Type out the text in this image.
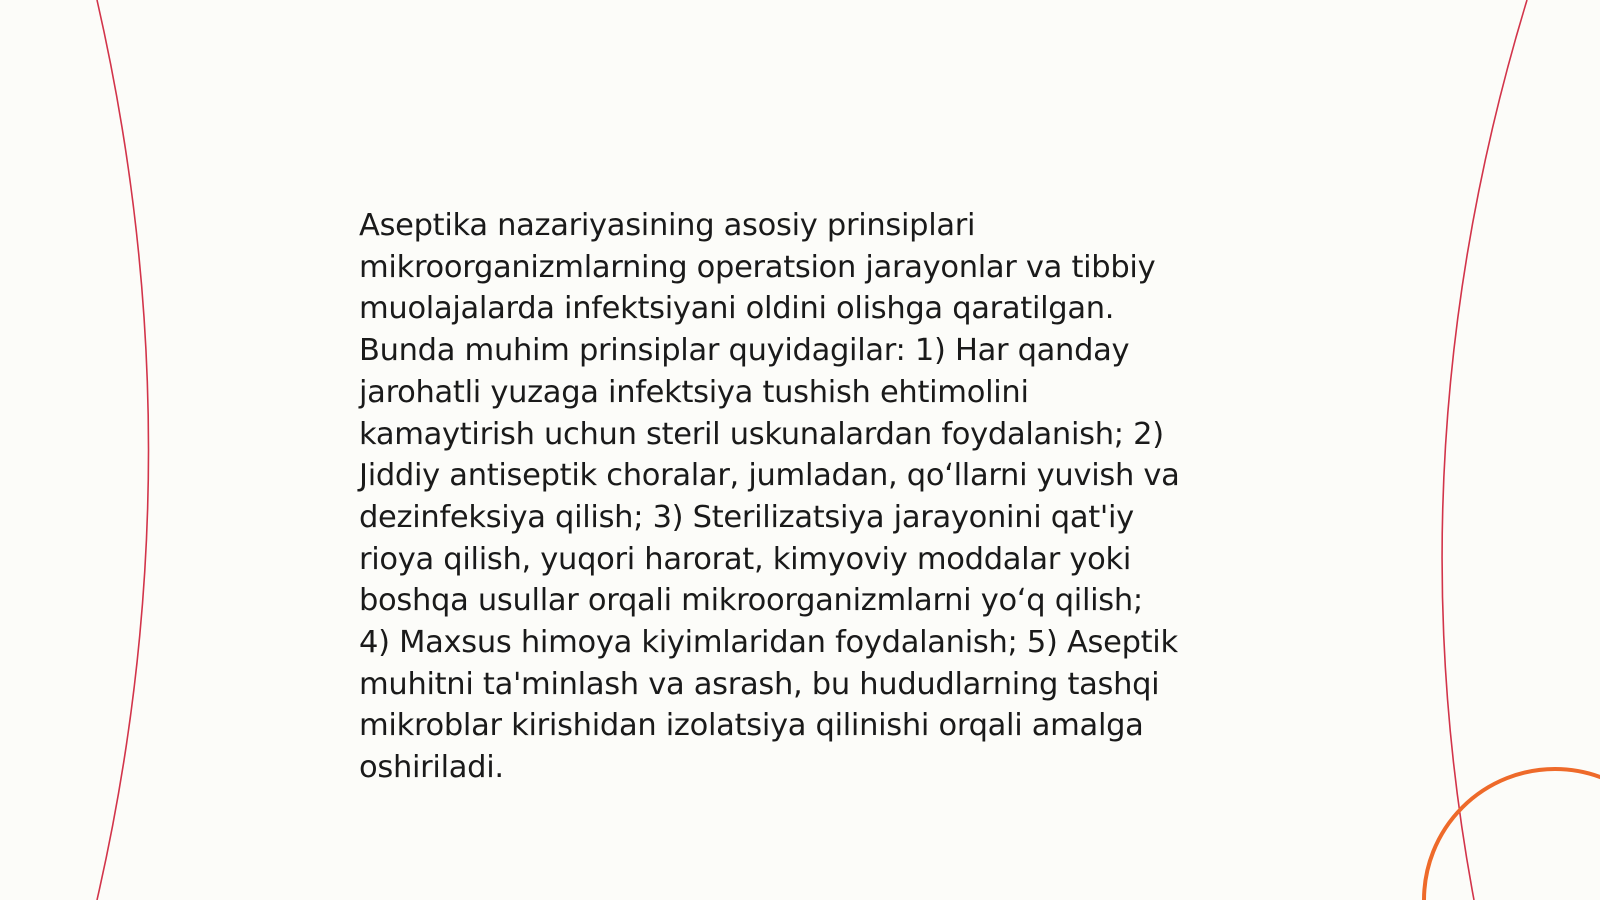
Aseptika nazariyasining asosiy prinsiplari
mikroorganizmlarning operatsion jarayonlar va tibbiy
muolajalarda infektsiyani oldini olishga qaratilgan.
Bunda muhim prinsiplar quyidagilar: 1) Har qanday
jarohatli yuzaga infektsiya tushish ehtimolini
kamaytirish uchun steril uskunalardan foydalanish; 2)
Jiddiy antiseptik choralar, jumladan, qo‘llarni yuvish va
dezinfeksiya qilish; 3) Sterilizatsiya jarayonini qat'iy
rioya qilish, yuqori harorat, kimyoviy moddalar yoki
boshqa usullar orqali mikroorganizmlarni yo‘q qilish;
4) Maxsus himoya kiyimlaridan foydalanish; 5) Aseptik
muhitni ta'minlash va asrash, bu hududlarning tashqi
mikroblar kirishidan izolatsiya qilinishi orqali amalga
oshiriladi.
